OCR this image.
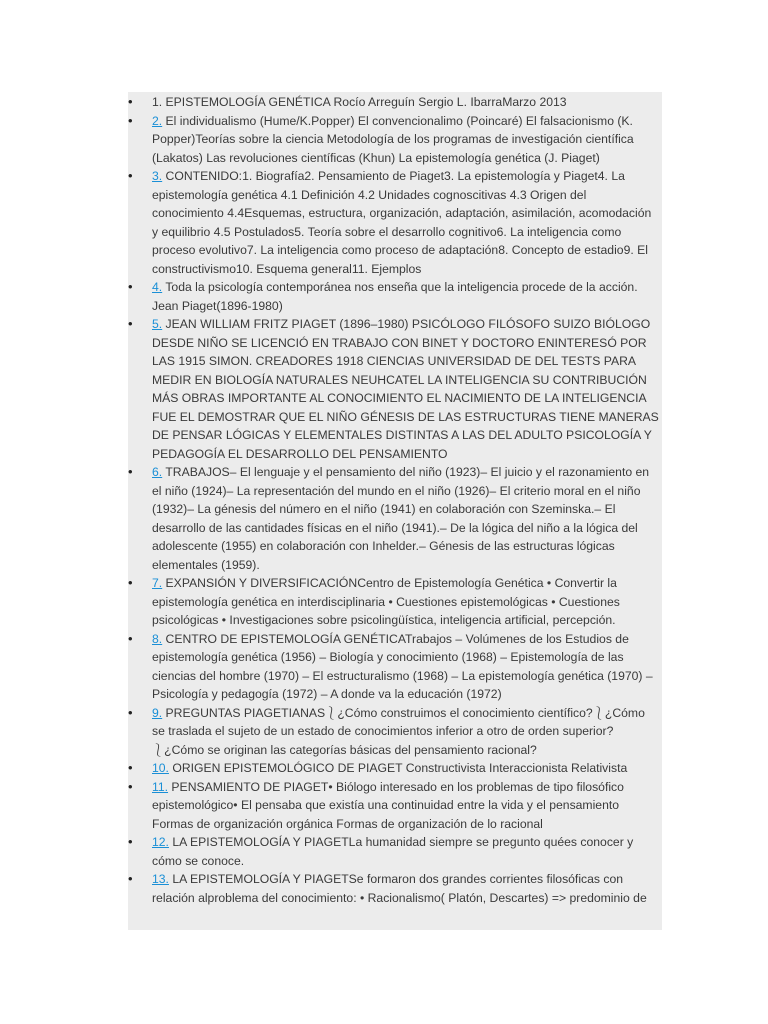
• 1. EPISTEMOLOGÍA GENÉTICA Rocío Arreguín Sergio L. IbarraMarzo 2013
• 2. El individualismo (Hume/K.Popper) El convencionalimo (Poincaré) El falsacionismo (K. Popper)Teorías sobre la ciencia Metodología de los programas de investigación científica (Lakatos) Las revoluciones científicas (Khun) La epistemología genética (J. Piaget)
• 3. CONTENIDO:1. Biografía2. Pensamiento de Piaget3. La epistemología y Piaget4. La epistemología genética 4.1 Definición 4.2 Unidades cognoscitivas 4.3 Origen del conocimiento 4.4Esquemas, estructura, organización, adaptación, asimilación, acomodación y equilibrio 4.5 Postulados5. Teoría sobre el desarrollo cognitivo6. La inteligencia como proceso evolutivo7. La inteligencia como proceso de adaptación8. Concepto de estadio9. El constructivismo10. Esquema general11. Ejemplos
• 4. Toda la psicología contemporánea nos enseña que la inteligencia procede de la acción. Jean Piaget(1896-1980)
• 5. JEAN WILLIAM FRITZ PIAGET (1896–1980) PSICÓLOGO FILÓSOFO SUIZO BIÓLOGO DESDE NIÑO SE LICENCIÓ EN TRABAJO CON BINET Y DOCTORO ENINTERESÓ POR LAS 1915 SIMON. CREADORES 1918 CIENCIAS UNIVERSIDAD DE DEL TESTS PARA MEDIR EN BIOLOGÍA NATURALES NEUHCATEL LA INTELIGENCIA SU CONTRIBUCIÓN MÁS OBRAS IMPORTANTE AL CONOCIMIENTO EL NACIMIENTO DE LA INTELIGENCIA FUE EL DEMOSTRAR QUE EL NIÑO GÉNESIS DE LAS ESTRUCTURAS TIENE MANERAS DE PENSAR LÓGICAS Y ELEMENTALES DISTINTAS A LAS DEL ADULTO PSICOLOGÍA Y PEDAGOGÍA EL DESARROLLO DEL PENSAMIENTO
• 6. TRABAJOS– El lenguaje y el pensamiento del niño (1923)– El juicio y el razonamiento en el niño (1924)– La representación del mundo en el niño (1926)– El criterio moral en el niño (1932)– La génesis del número en el niño (1941) en colaboración con Szeminska.– El desarrollo de las cantidades físicas en el niño (1941).– De la lógica del niño a la lógica del adolescente (1955) en colaboración con Inhelder.– Génesis de las estructuras lógicas elementales (1959).
• 7. EXPANSIÓN Y DIVERSIFICACIÓNCentro de Epistemología Genética • Convertir la epistemología genética en interdisciplinaria • Cuestiones epistemológicas • Cuestiones psicológicas • Investigaciones sobre psicolingüística, inteligencia artificial, percepción.
• 8. CENTRO DE EPISTEMOLOGÍA GENÉTICATrabajos – Volúmenes de los Estudios de epistemología genética (1956) – Biología y conocimiento (1968) – Epistemología de las ciencias del hombre (1970) – El estructuralismo (1968) – La epistemología genética (1970) – Psicología y pedagogía (1972) – A donde va la educación (1972)
• 9. PREGUNTAS PIAGETIANAS⎱¿Cómo construimos el conocimiento científico?⎱¿Cómo se traslada el sujeto de un estado de conocimientos inferior a otro de orden superior?⎱¿Cómo se originan las categorías básicas del pensamiento racional?
• 10. ORIGEN EPISTEMOLÓGICO DE PIAGET Constructivista Interaccionista Relativista
• 11. PENSAMIENTO DE PIAGET• Biólogo interesado en los problemas de tipo filosófico epistemológico• El pensaba que existía una continuidad entre la vida y el pensamiento Formas de organización orgánica Formas de organización de lo racional
• 12. LA EPISTEMOLOGÍA Y PIAGETLa humanidad siempre se pregunto quées conocer y cómo se conoce.
• 13. LA EPISTEMOLOGÍA Y PIAGETSe formaron dos grandes corrientes filosóficas con relación alproblema del conocimiento: • Racionalismo( Platón, Descartes) => predominio de
